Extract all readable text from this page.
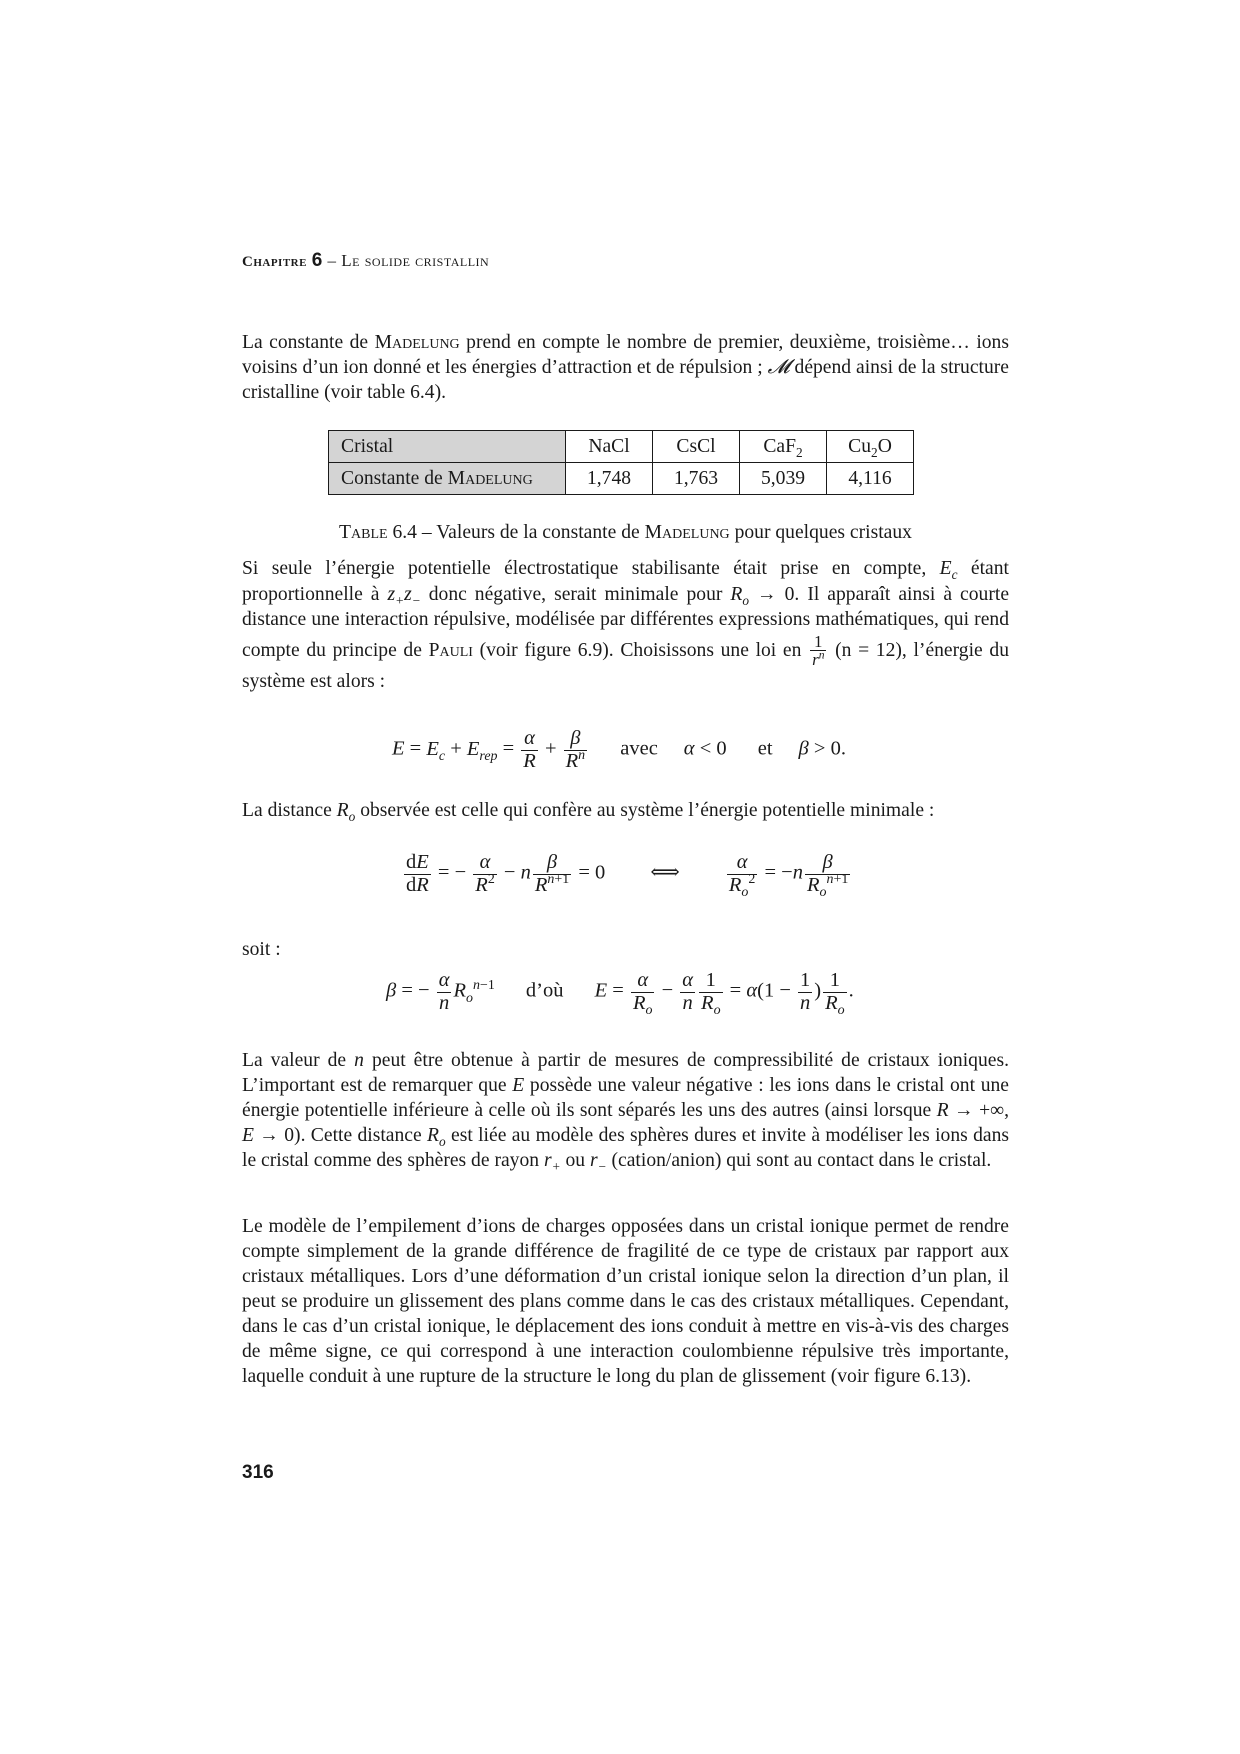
Chapitre 6 – Le solide cristallin
La constante de Madelung prend en compte le nombre de premier, deuxième, troisième… ions voisins d’un ion donné et les énergies d’attraction et de répulsion ; 𝓜 dépend ainsi de la structure cristalline (voir table 6.4).
Cristal	NaCl	CsCl	CaF$_2$	$Cu_2O$
Constante de Madelung	1,748	1,763	5,039	4,116
Table 6.4 – Valeurs de la constante de Madelung pour quelques cristaux
Si seule l’énergie potentielle électrostatique stabilisante était prise en compte, $E_c$ étant proportionnelle à $z_+z_-$ donc négative, serait minimale pour $R_o \to 0$. Il apparaît ainsi à courte distance une interaction répulsive, modélisée par différentes expressions mathématiques, qui rend compte du principe de Pauli (voir figure 6.9). Choisissons une loi en $\frac{1}{r^n} (n = 12)$, l’énergie du système est alors :
$E = E_c + E_{rep} = \frac{\alpha}{R} + \frac{\beta}{R^n}$ avec α < 0 et β > 0.
La distance $R_o$ observée est celle qui confère au système l’énergie potentielle minimale :
$\frac{dE}{dR}$ = − $\frac{\alpha}{R^2} - n \frac{\beta}{R^{n+1}} = 0$ ⟺ $\frac{\alpha}{R_o^2} = -n \frac{\beta}{R_o^{n+1}}$
soit :
β = − $\frac{\alpha}{n} R_o^{n-1}$ d’où $E = \frac{\alpha}{R_o} - \frac{\alpha}{n} \frac{1}{R_o} = \alpha(1 - \frac{1}{n}$ ) $\frac{1}{R_o}$ .
La valeur de n peut être obtenue à partir de mesures de compressibilité de cristaux ioniques. L’important est de remarquer que E possède une valeur négative : les ions dans le cristal ont une énergie potentielle inférieure à celle où ils sont séparés les uns des autres (ainsi lorsque R → +∞, E → 0). Cette distance $R_o$ est liée au modèle des sphères dures et invite à modéliser les ions dans le cristal comme des sphères de rayon $r_+$ ou $r_-$ (cation/anion) qui sont au contact dans le cristal.
Le modèle de l’empilement d’ions de charges opposées dans un cristal ionique permet de rendre compte simplement de la grande différence de fragilité de ce type de cristaux par rapport aux cristaux métalliques. Lors d’une déformation d’un cristal ionique selon la direction d’un plan, il peut se produire un glissement des plans comme dans le cas des cristaux métalliques. Cependant, dans le cas d’un cristal ionique, le déplacement des ions conduit à mettre en vis-à-vis des charges de même signe, ce qui correspond à une interaction coulombienne répulsive très importante, laquelle conduit à une rupture de la structure le long du plan de glissement (voir figure 6.13).
316
